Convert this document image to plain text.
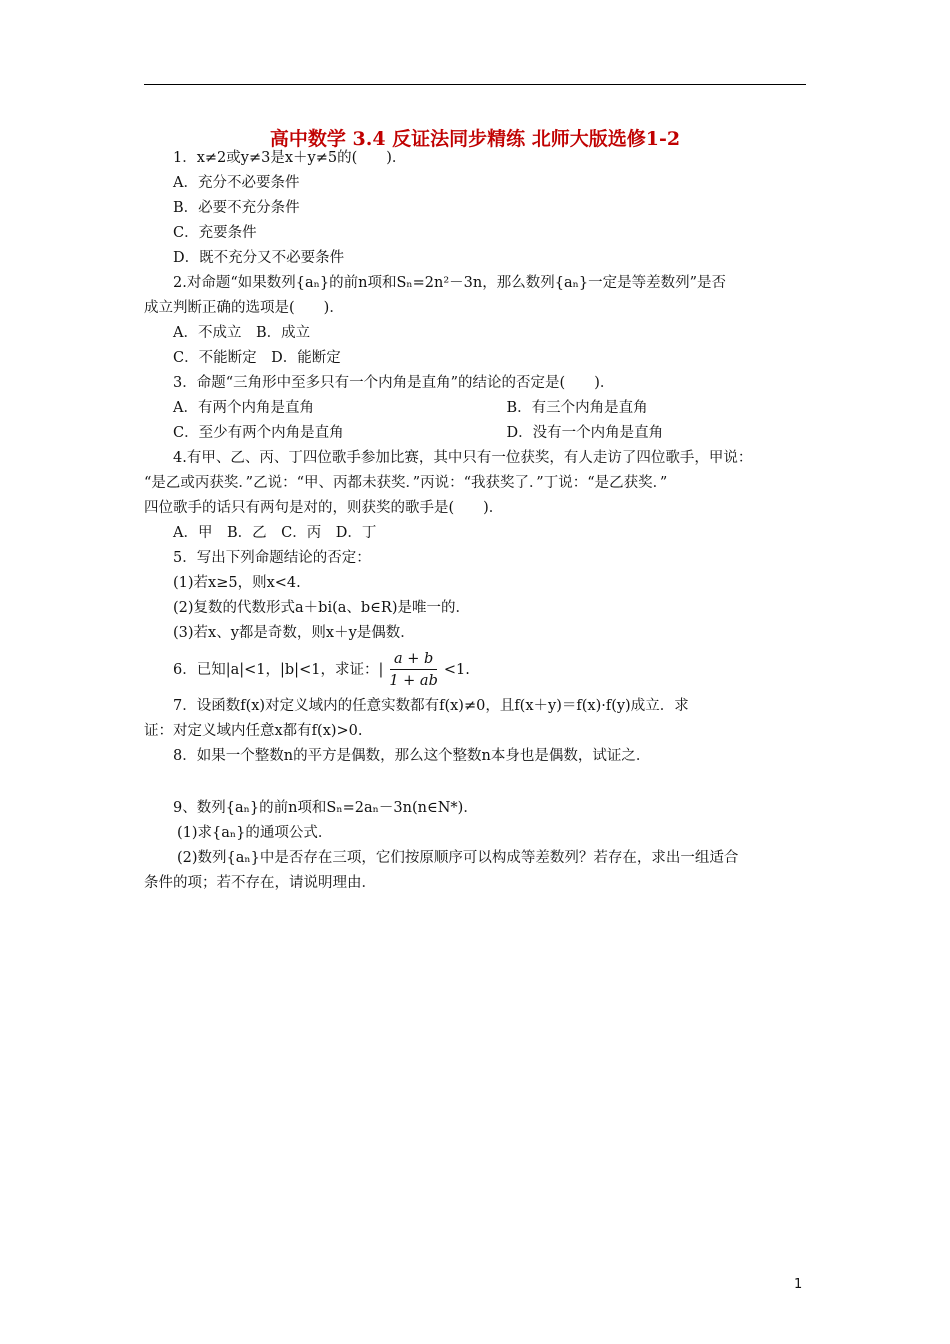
高中数学 3.4 反证法同步精练 北师大版选修1-2
1．x≠2或y≠3是x＋y≠5的(　　)．
A．充分不必要条件
B．必要不充分条件
C．充要条件
D．既不充分又不必要条件
2.对命题“如果数列{aₙ}的前n项和Sₙ=2n²－3n，那么数列{aₙ}一定是等差数列”是否
成立判断正确的选项是(　　)．
A．不成立　B．成立
C．不能断定　D．能断定
3．命题“三角形中至多只有一个内角是直角”的结论的否定是(　　)．
A．有两个内角是直角	B．有三个内角是直角
C．至少有两个内角是直角	D．没有一个内角是直角
4.有甲、乙、丙、丁四位歌手参加比赛，其中只有一位获奖，有人走访了四位歌手，甲说：
“是乙或丙获奖．”乙说：“甲、丙都未获奖．”丙说：“我获奖了．”丁说：“是乙获奖．”
四位歌手的话只有两句是对的，则获奖的歌手是(　　)．
A．甲　B．乙　C．丙　D．丁
5．写出下列命题结论的否定：
(1)若x≥5，则x<4.
(2)复数的代数形式a＋bi(a、b∈R)是唯一的．
(3)若x、y都是奇数，则x＋y是偶数．
6．已知|a|<1，|b|<1，求证：| $\frac{a + b}{1 + ab} <1$.
7．设函数f(x)对定义域内的任意实数都有f(x)≠0，且f(x＋y)＝f(x)·f(y)成立．求
证：对定义域内任意x都有f(x)>0.
8．如果一个整数n的平方是偶数，那么这个整数n本身也是偶数，试证之．
9、数列{aₙ}的前n项和Sₙ=2aₙ－3n(n∈N*)．
(1)求{aₙ}的通项公式．
(2)数列{aₙ}中是否存在三项，它们按原顺序可以构成等差数列？若存在，求出一组适合
条件的项；若不存在，请说明理由．
1
